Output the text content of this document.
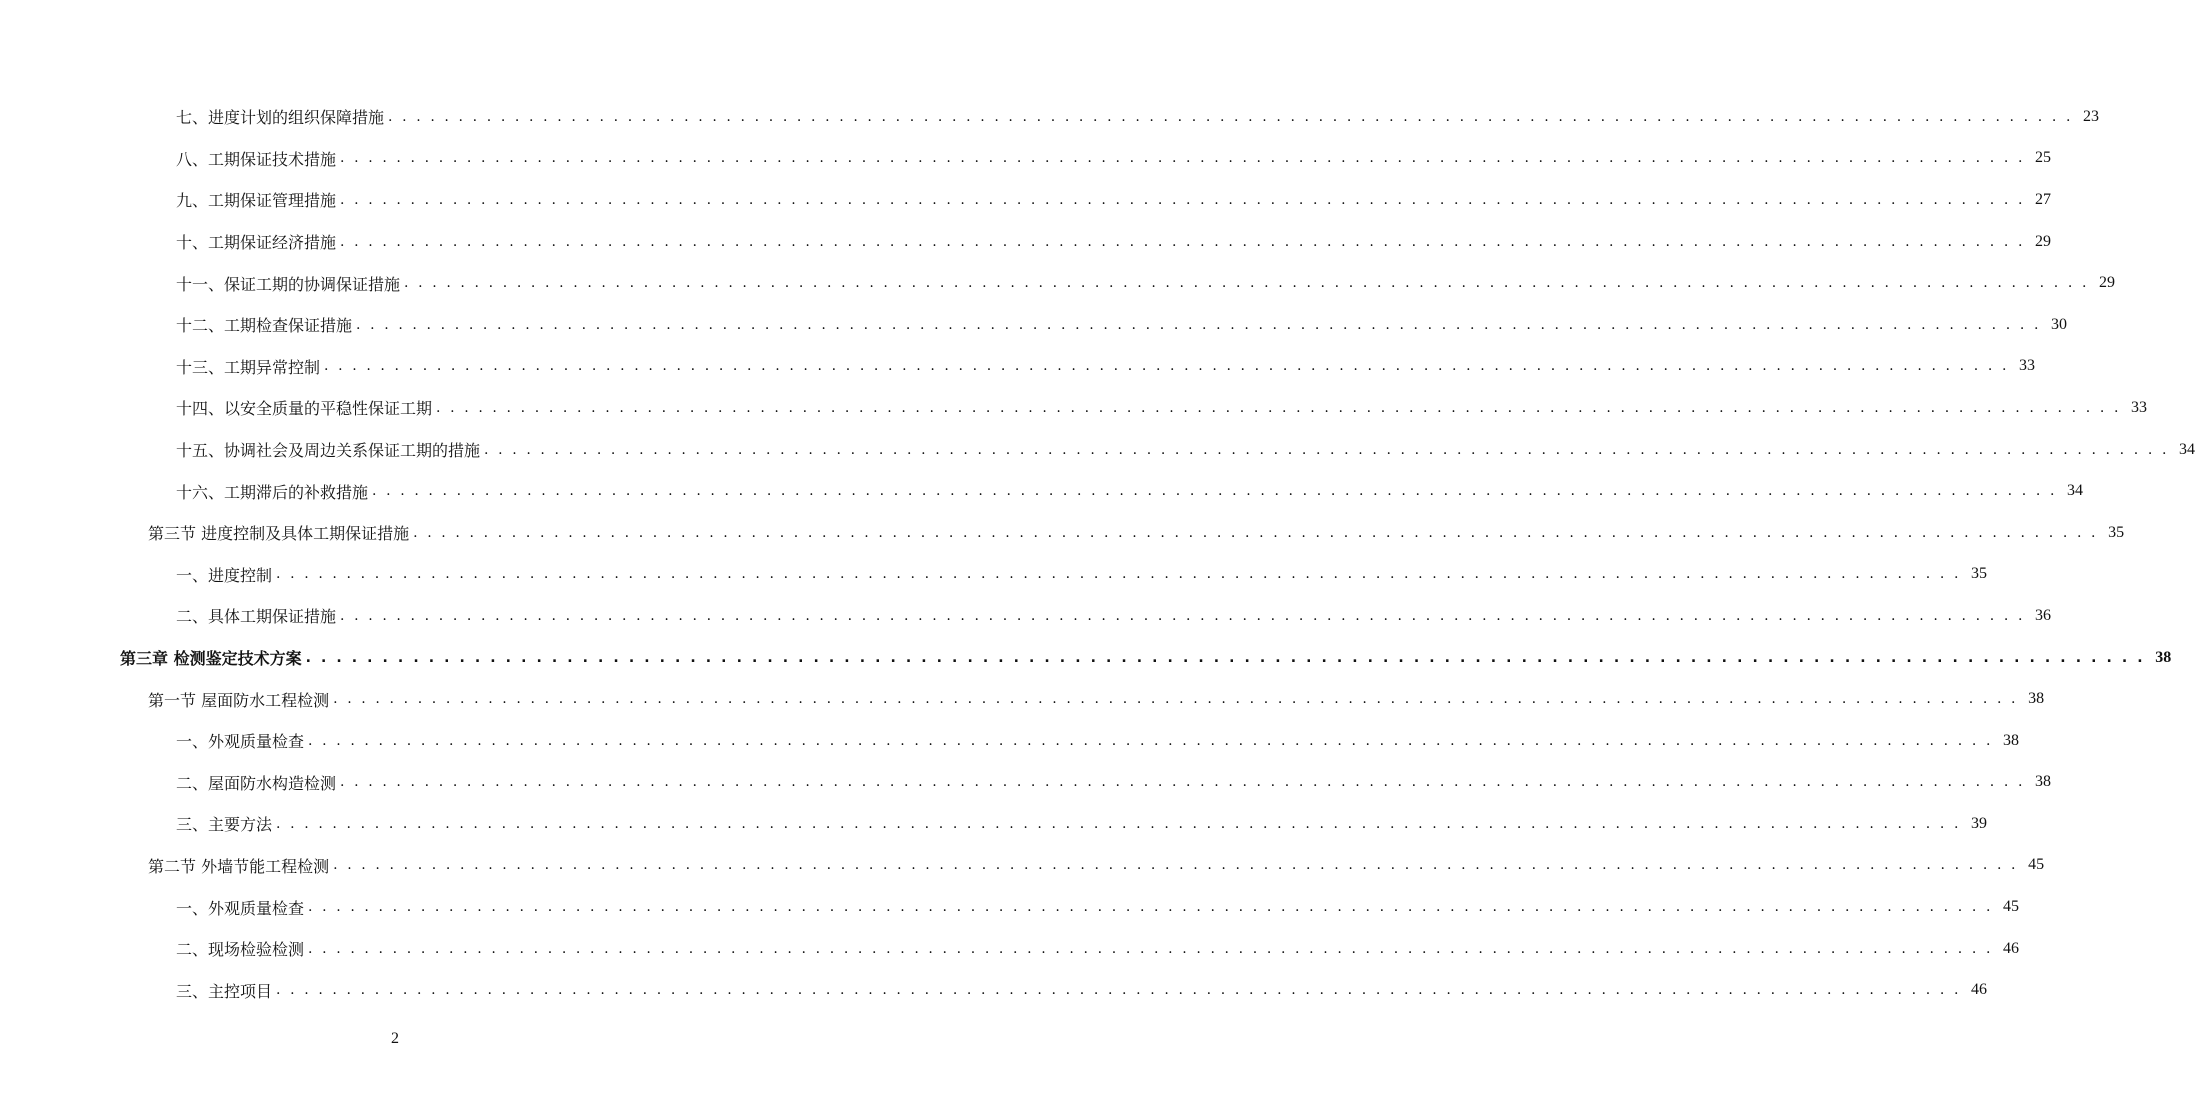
七、进度计划的组织保障措施 . . . . . . . . . . . . . . . . . . . . . . . . . . . . . . . . . . . . . . . . . . . . . . . . . . . . . . . . . . . . . . . . . . . . . . . . . . . . . . . . . . . . . . . . . . . . . . . . . . . . . . . . . . . . . . . . . . . . . . . . 23
八、工期保证技术措施 . . . . . . . . . . . . . . . . . . . . . . . . . . . . . . . . . . . . . . . . . . . . . . . . . . . . . . . . . . . . . . . . . . . . . . . . . . . . . . . . . . . . . . . . . . . . . . . . . . . . . . . . . . . . . . . . . . . . . . . . 25
九、工期保证管理措施 . . . . . . . . . . . . . . . . . . . . . . . . . . . . . . . . . . . . . . . . . . . . . . . . . . . . . . . . . . . . . . . . . . . . . . . . . . . . . . . . . . . . . . . . . . . . . . . . . . . . . . . . . . . . . . . . . . . . . . . . 27
十、工期保证经济措施 . . . . . . . . . . . . . . . . . . . . . . . . . . . . . . . . . . . . . . . . . . . . . . . . . . . . . . . . . . . . . . . . . . . . . . . . . . . . . . . . . . . . . . . . . . . . . . . . . . . . . . . . . . . . . . . . . . . . . . . . 29
十一、保证工期的协调保证措施 . . . . . . . . . . . . . . . . . . . . . . . . . . . . . . . . . . . . . . . . . . . . . . . . . . . . . . . . . . . . . . . . . . . . . . . . . . . . . . . . . . . . . . . . . . . . . . . . . . . . . . . . . . . . . . . . . . . . . . . . 29
十二、工期检查保证措施 . . . . . . . . . . . . . . . . . . . . . . . . . . . . . . . . . . . . . . . . . . . . . . . . . . . . . . . . . . . . . . . . . . . . . . . . . . . . . . . . . . . . . . . . . . . . . . . . . . . . . . . . . . . . . . . . . . . . . . . . 30
十三、工期异常控制 . . . . . . . . . . . . . . . . . . . . . . . . . . . . . . . . . . . . . . . . . . . . . . . . . . . . . . . . . . . . . . . . . . . . . . . . . . . . . . . . . . . . . . . . . . . . . . . . . . . . . . . . . . . . . . . . . . . . . . . . 33
十四、以安全质量的平稳性保证工期 . . . . . . . . . . . . . . . . . . . . . . . . . . . . . . . . . . . . . . . . . . . . . . . . . . . . . . . . . . . . . . . . . . . . . . . . . . . . . . . . . . . . . . . . . . . . . . . . . . . . . . . . . . . . . . . . . . . . . . . . 33
十五、协调社会及周边关系保证工期的措施 . . . . . . . . . . . . . . . . . . . . . . . . . . . . . . . . . . . . . . . . . . . . . . . . . . . . . . . . . . . . . . . . . . . . . . . . . . . . . . . . . . . . . . . . . . . . . . . . . . . . . . . . . . . . . . . . . . . . . . . . 34
十六、工期滞后的补救措施 . . . . . . . . . . . . . . . . . . . . . . . . . . . . . . . . . . . . . . . . . . . . . . . . . . . . . . . . . . . . . . . . . . . . . . . . . . . . . . . . . . . . . . . . . . . . . . . . . . . . . . . . . . . . . . . . . . . . . . . . 34
第三节 进度控制及具体工期保证措施 . . . . . . . . . . . . . . . . . . . . . . . . . . . . . . . . . . . . . . . . . . . . . . . . . . . . . . . . . . . . . . . . . . . . . . . . . . . . . . . . . . . . . . . . . . . . . . . . . . . . . . . . . . . . . . . . . . . . . . . . 35
一、进度控制 . . . . . . . . . . . . . . . . . . . . . . . . . . . . . . . . . . . . . . . . . . . . . . . . . . . . . . . . . . . . . . . . . . . . . . . . . . . . . . . . . . . . . . . . . . . . . . . . . . . . . . . . . . . . . . . . . . . . . . . . 35
二、具体工期保证措施 . . . . . . . . . . . . . . . . . . . . . . . . . . . . . . . . . . . . . . . . . . . . . . . . . . . . . . . . . . . . . . . . . . . . . . . . . . . . . . . . . . . . . . . . . . . . . . . . . . . . . . . . . . . . . . . . . . . . . . . . 36
第三章 检测鉴定技术方案 . . . . . . . . . . . . . . . . . . . . . . . . . . . . . . . . . . . . . . . . . . . . . . . . . . . . . . . . . . . . . . . . . . . . . . . . . . . . . . . . . . . . . . . . . . . . . . . . . . . . . . . . . . . . . . . . . . . . . . . . 38
第一节 屋面防水工程检测 . . . . . . . . . . . . . . . . . . . . . . . . . . . . . . . . . . . . . . . . . . . . . . . . . . . . . . . . . . . . . . . . . . . . . . . . . . . . . . . . . . . . . . . . . . . . . . . . . . . . . . . . . . . . . . . . . . . . . . . . 38
一、外观质量检查 . . . . . . . . . . . . . . . . . . . . . . . . . . . . . . . . . . . . . . . . . . . . . . . . . . . . . . . . . . . . . . . . . . . . . . . . . . . . . . . . . . . . . . . . . . . . . . . . . . . . . . . . . . . . . . . . . . . . . . . . 38
二、屋面防水构造检测 . . . . . . . . . . . . . . . . . . . . . . . . . . . . . . . . . . . . . . . . . . . . . . . . . . . . . . . . . . . . . . . . . . . . . . . . . . . . . . . . . . . . . . . . . . . . . . . . . . . . . . . . . . . . . . . . . . . . . . . . 38
三、主要方法 . . . . . . . . . . . . . . . . . . . . . . . . . . . . . . . . . . . . . . . . . . . . . . . . . . . . . . . . . . . . . . . . . . . . . . . . . . . . . . . . . . . . . . . . . . . . . . . . . . . . . . . . . . . . . . . . . . . . . . . . 39
第二节 外墙节能工程检测 . . . . . . . . . . . . . . . . . . . . . . . . . . . . . . . . . . . . . . . . . . . . . . . . . . . . . . . . . . . . . . . . . . . . . . . . . . . . . . . . . . . . . . . . . . . . . . . . . . . . . . . . . . . . . . . . . . . . . . . . 45
一、外观质量检查 . . . . . . . . . . . . . . . . . . . . . . . . . . . . . . . . . . . . . . . . . . . . . . . . . . . . . . . . . . . . . . . . . . . . . . . . . . . . . . . . . . . . . . . . . . . . . . . . . . . . . . . . . . . . . . . . . . . . . . . . 45
二、现场检验检测 . . . . . . . . . . . . . . . . . . . . . . . . . . . . . . . . . . . . . . . . . . . . . . . . . . . . . . . . . . . . . . . . . . . . . . . . . . . . . . . . . . . . . . . . . . . . . . . . . . . . . . . . . . . . . . . . . . . . . . . . 46
三、主控项目 . . . . . . . . . . . . . . . . . . . . . . . . . . . . . . . . . . . . . . . . . . . . . . . . . . . . . . . . . . . . . . . . . . . . . . . . . . . . . . . . . . . . . . . . . . . . . . . . . . . . . . . . . . . . . . . . . . . . . . . . 46
2
